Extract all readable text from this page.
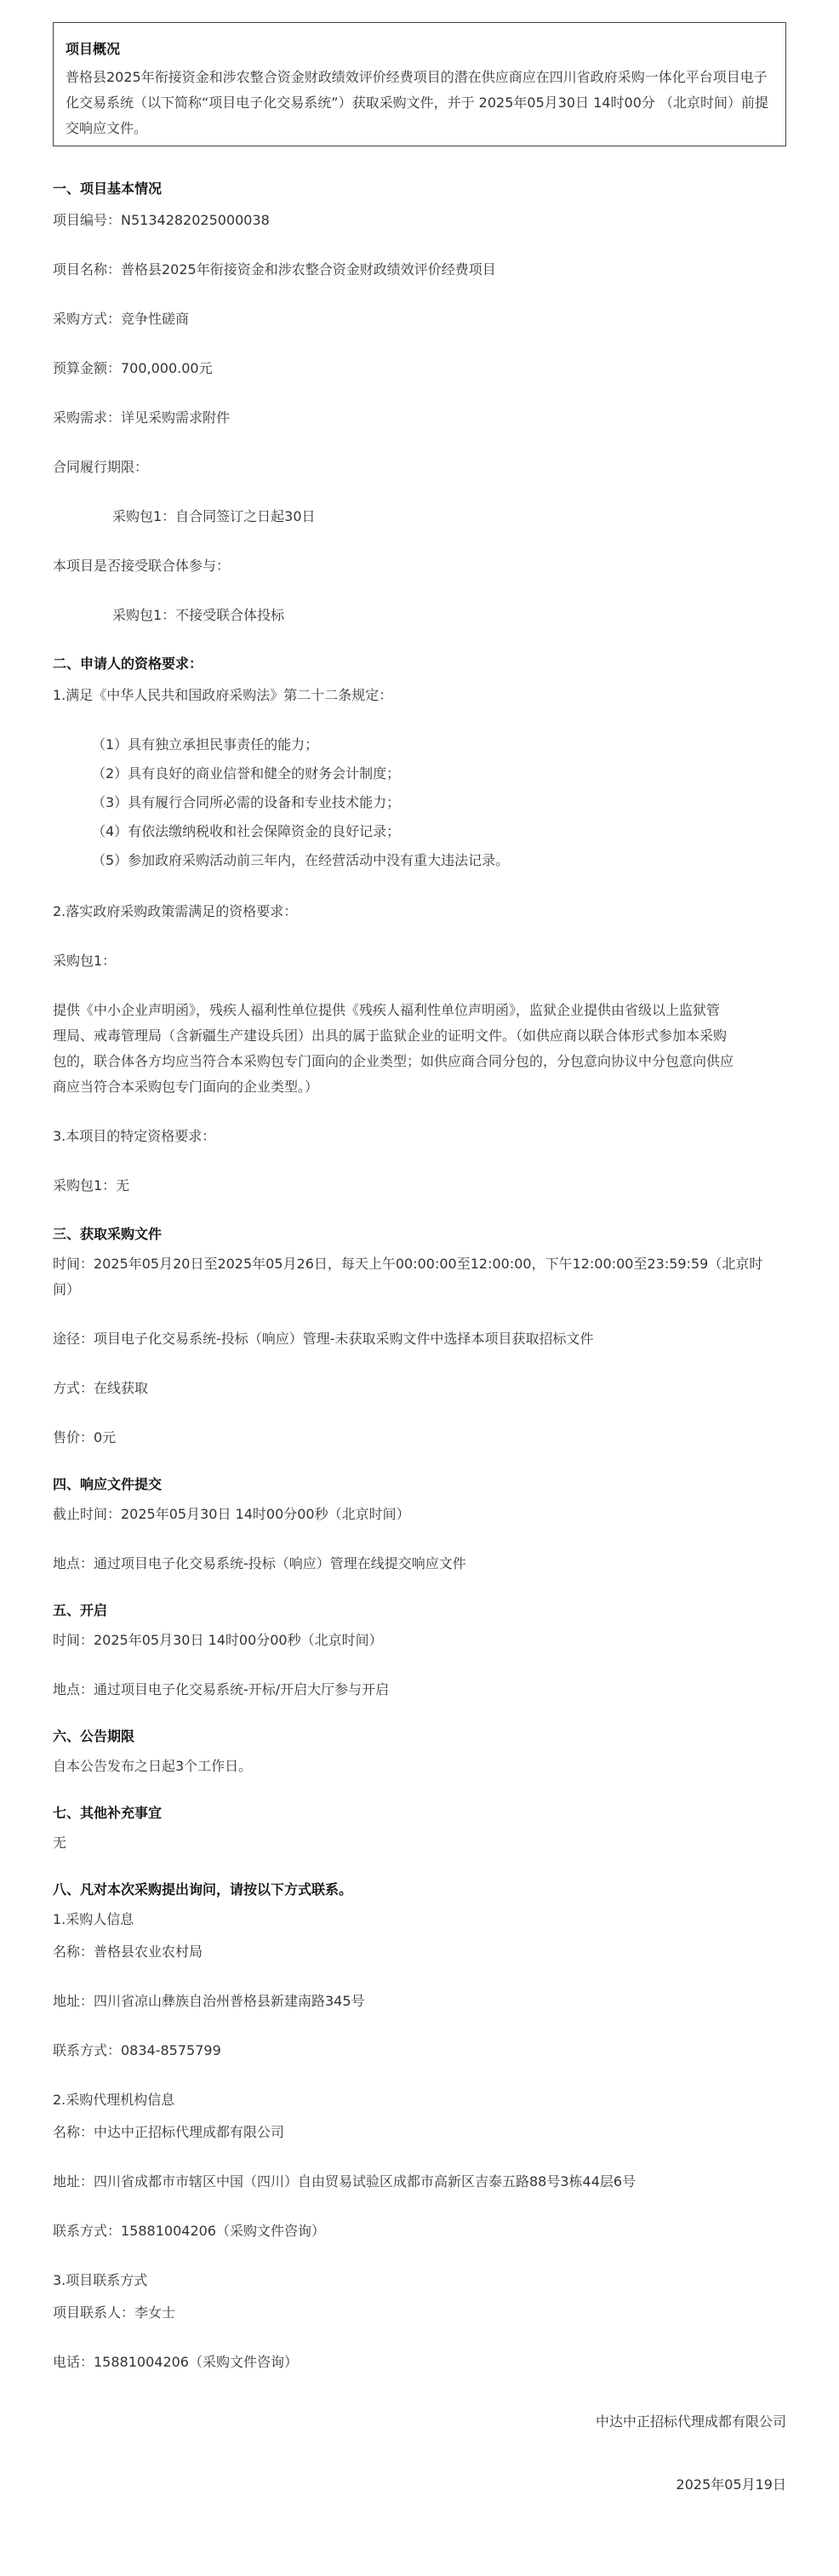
项目概况

普格县2025年衔接资金和涉农整合资金财政绩效评价经费项目的潜在供应商应在四川省政府采购一体化平台项目电子化交易系统（以下简称“项目电子化交易系统”）获取采购文件，并于 2025年05月30日 14时00分 （北京时间）前提交响应文件。

一、项目基本情况

项目编号：N5134282025000038

项目名称：普格县2025年衔接资金和涉农整合资金财政绩效评价经费项目

采购方式：竞争性磋商

预算金额：700,000.00元

采购需求：详见采购需求附件

合同履行期限：

采购包1：自合同签订之日起30日

本项目是否接受联合体参与：

采购包1：不接受联合体投标

二、申请人的资格要求：

1.满足《中华人民共和国政府采购法》第二十二条规定：

（1）具有独立承担民事责任的能力；

（2）具有良好的商业信誉和健全的财务会计制度；

（3）具有履行合同所必需的设备和专业技术能力；

（4）有依法缴纳税收和社会保障资金的良好记录；

（5）参加政府采购活动前三年内，在经营活动中没有重大违法记录。

2.落实政府采购政策需满足的资格要求：

采购包1：

提供《中小企业声明函》，残疾人福利性单位提供《残疾人福利性单位声明函》，监狱企业提供由省级以上监狱管

理局、戒毒管理局（含新疆生产建设兵团）出具的属于监狱企业的证明文件。（如供应商以联合体形式参加本采购

包的，联合体各方均应当符合本采购包专门面向的企业类型；如供应商合同分包的，分包意向协议中分包意向供应

商应当符合本采购包专门面向的企业类型。）

3.本项目的特定资格要求：

采购包1：无

三、获取采购文件

时间：2025年05月20日至2025年05月26日，每天上午00:00:00至12:00:00，下午12:00:00至23:59:59（北京时

间）

途径：项目电子化交易系统-投标（响应）管理-未获取采购文件中选择本项目获取招标文件

方式：在线获取

售价：0元

四、响应文件提交

截止时间：2025年05月30日 14时00分00秒（北京时间）

地点：通过项目电子化交易系统-投标（响应）管理在线提交响应文件

五、开启

时间：2025年05月30日 14时00分00秒（北京时间）

地点：通过项目电子化交易系统-开标/开启大厅参与开启

六、公告期限

自本公告发布之日起3个工作日。

七、其他补充事宜

无

八、凡对本次采购提出询问，请按以下方式联系。

1.采购人信息

名称：普格县农业农村局

地址：四川省凉山彝族自治州普格县新建南路345号

联系方式：0834-8575799

2.采购代理机构信息

名称：中达中正招标代理成都有限公司

地址：四川省成都市市辖区中国（四川）自由贸易试验区成都市高新区吉泰五路88号3栋44层6号

联系方式：15881004206（采购文件咨询）

3.项目联系方式

项目联系人：李女士

电话：15881004206（采购文件咨询）

中达中正招标代理成都有限公司

2025年05月19日
